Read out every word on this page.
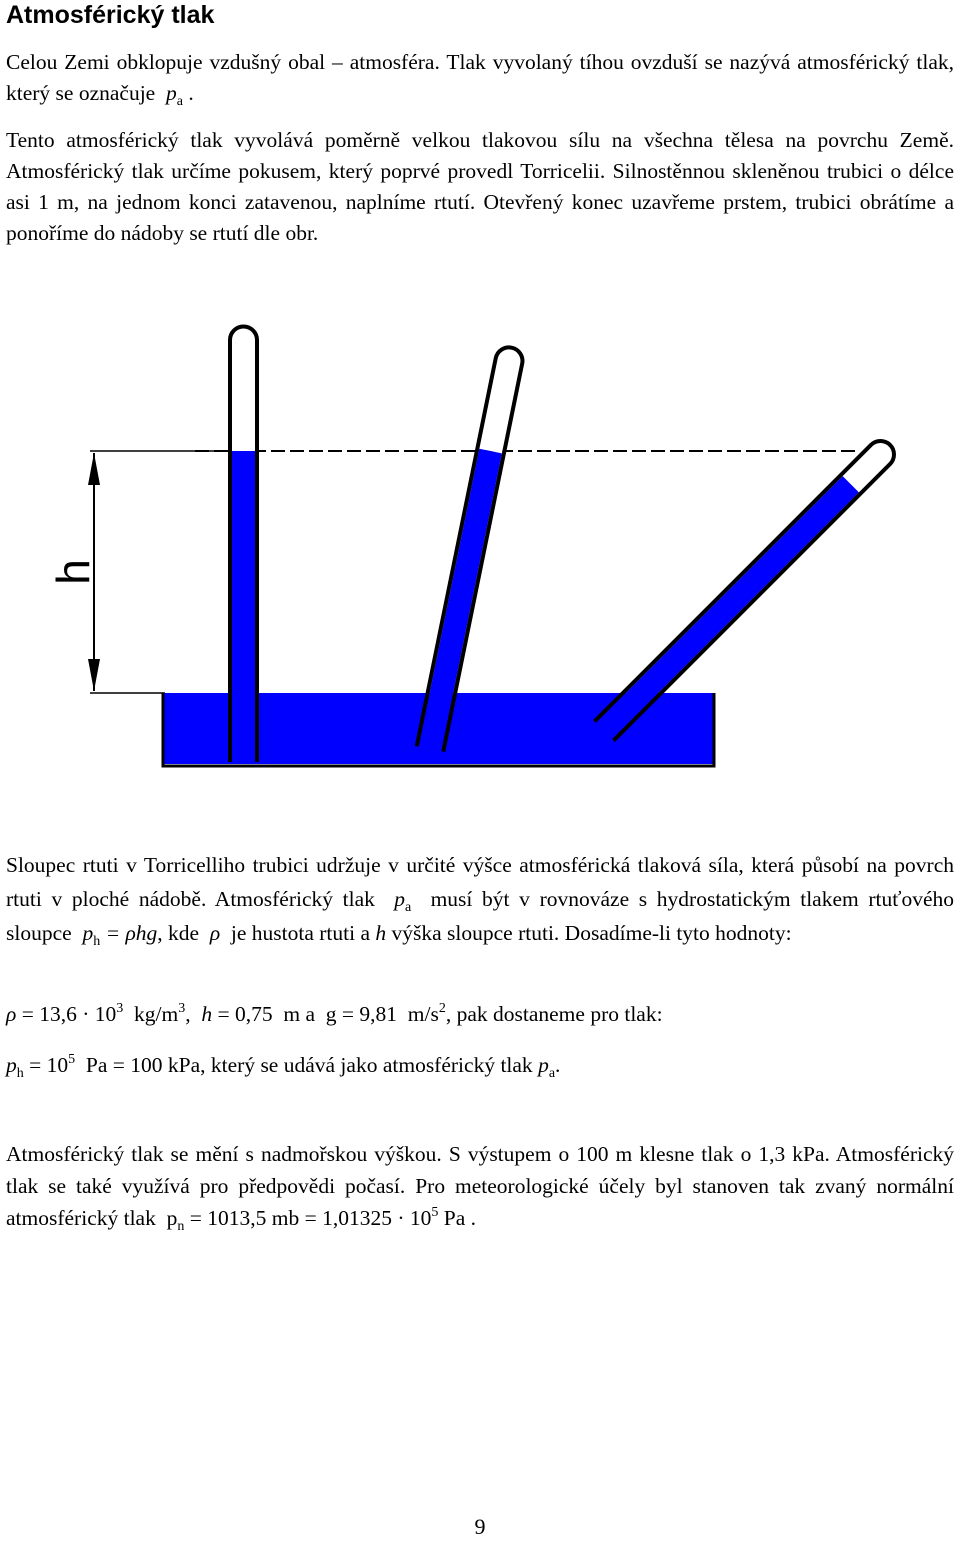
Atmosférický tlak

Celou Zemi obklopuje vzdušný obal – atmosféra. Tlak vyvolaný tíhou ovzduší se nazývá atmosférický tlak, který se označuje $p_a$ .

Tento atmosférický tlak vyvolává poměrně velkou tlakovou sílu na všechna tělesa na povrchu Země. Atmosférický tlak určíme pokusem, který poprvé provedl Torricelii. Silnostěnnou skleněnou trubici o délce asi 1 m, na jednom konci zatavenou, naplníme rtutí. Otevřený konec uzavřeme prstem, trubici obrátíme a ponoříme do nádoby se rtutí dle obr.

h

Sloupec rtuti v Torricelliho trubici udržuje v určité výšce atmosférická tlaková síla, která působí na povrch rtuti v ploché nádobě. Atmosférický tlak $p_a$ musí být v rovnováze s hydrostatickým tlakem rtuťového sloupce $p_h = \rho hg$, kde ρ je hustota rtuti a h výška sloupce rtuti. Dosadíme-li tyto hodnoty:

$\rho = 13,6 \cdot 10^3$ $kg/m^3$, h = 0,75 m a g = 9,81 $m/s^2$, pak dostaneme pro tlak:
$p_h = 10^5$ Pa = 100 kPa, který se udává jako atmosférický tlak $p_a$.

Atmosférický tlak se mění s nadmořskou výškou. S výstupem o 100 m klesne tlak o 1,3 kPa. Atmosférický tlak se také využívá pro předpovědi počasí. Pro meteorologické účely byl stanoven tak zvaný normální atmosférický tlak $p_n = 1013,5$ mb = $1,01325 \cdot 10^5$ Pa .

9
